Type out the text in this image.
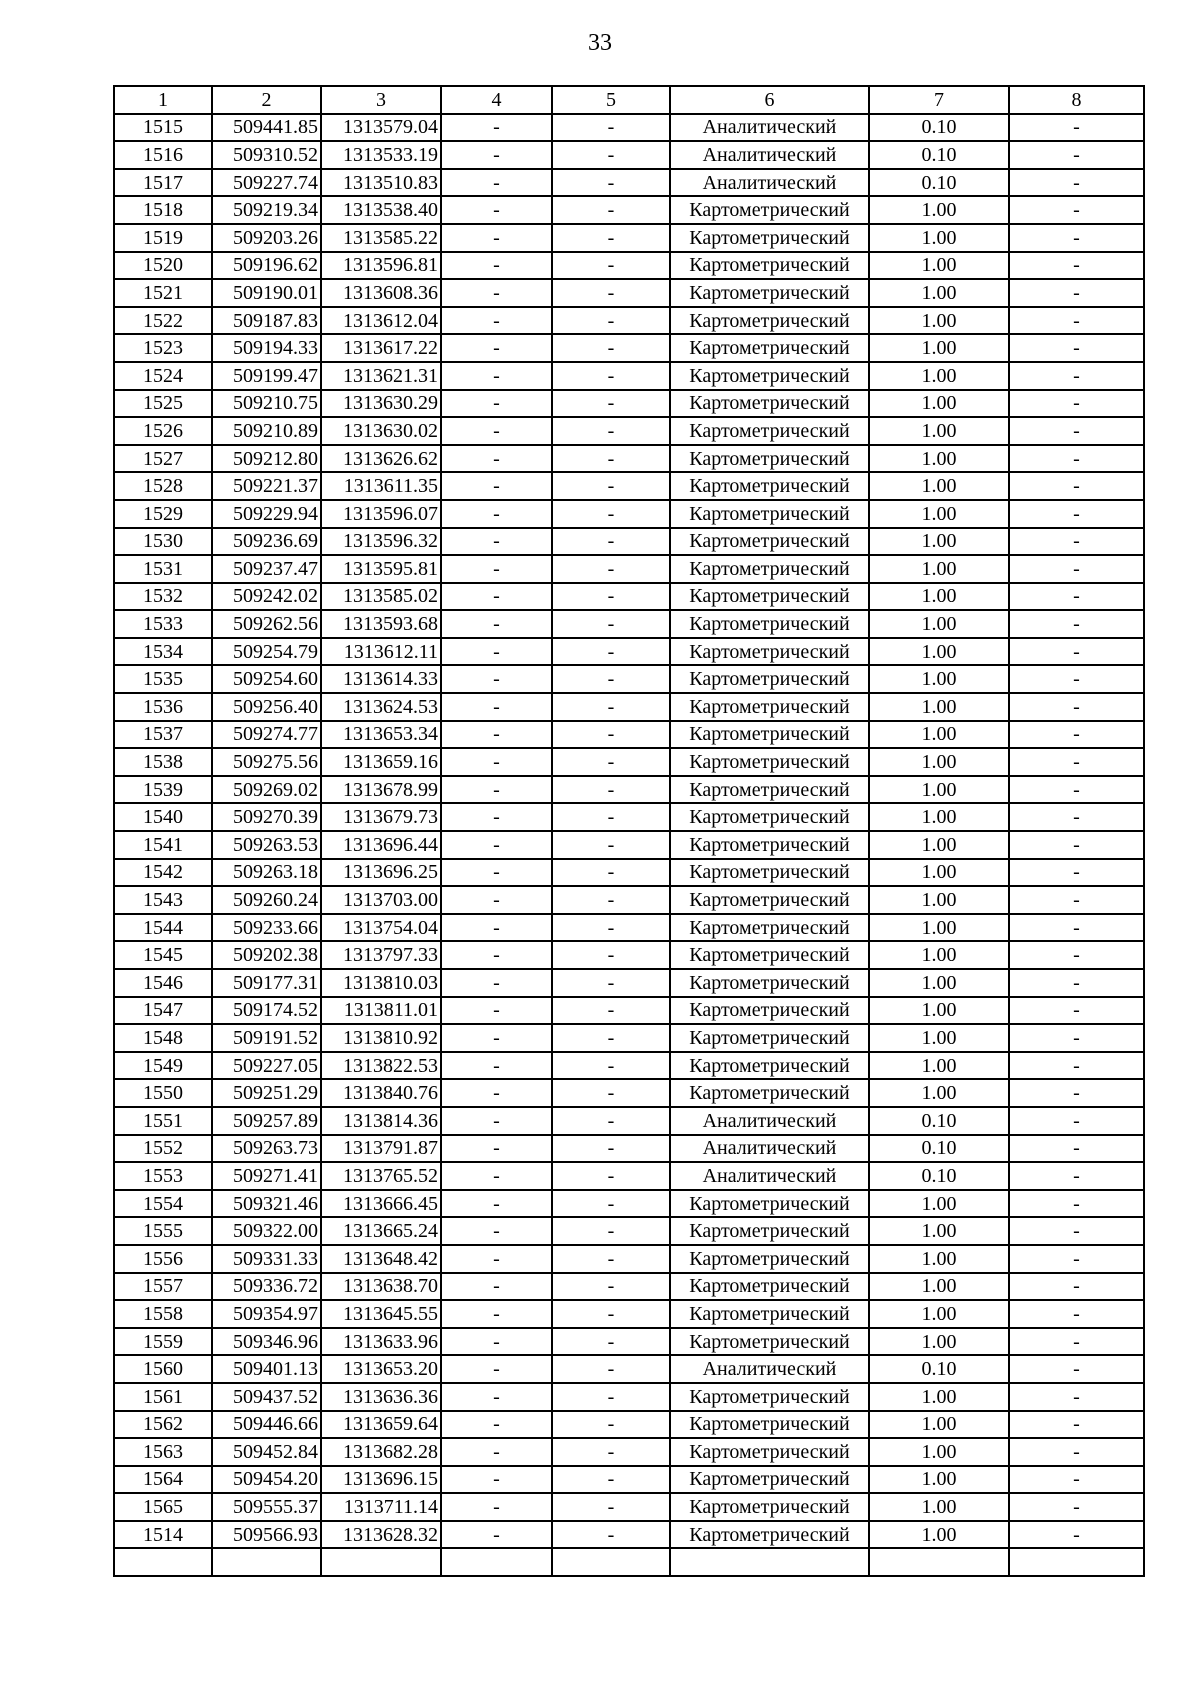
33
1	2	3	4	5	6	7	8
1515	509441.85	1313579.04	-	-	Аналитический	0.10	-
1516	509310.52	1313533.19	-	-	Аналитический	0.10	-
1517	509227.74	1313510.83	-	-	Аналитический	0.10	-
1518	509219.34	1313538.40	-	-	Картометрический	1.00	-
1519	509203.26	1313585.22	-	-	Картометрический	1.00	-
1520	509196.62	1313596.81	-	-	Картометрический	1.00	-
1521	509190.01	1313608.36	-	-	Картометрический	1.00	-
1522	509187.83	1313612.04	-	-	Картометрический	1.00	-
1523	509194.33	1313617.22	-	-	Картометрический	1.00	-
1524	509199.47	1313621.31	-	-	Картометрический	1.00	-
1525	509210.75	1313630.29	-	-	Картометрический	1.00	-
1526	509210.89	1313630.02	-	-	Картометрический	1.00	-
1527	509212.80	1313626.62	-	-	Картометрический	1.00	-
1528	509221.37	1313611.35	-	-	Картометрический	1.00	-
1529	509229.94	1313596.07	-	-	Картометрический	1.00	-
1530	509236.69	1313596.32	-	-	Картометрический	1.00	-
1531	509237.47	1313595.81	-	-	Картометрический	1.00	-
1532	509242.02	1313585.02	-	-	Картометрический	1.00	-
1533	509262.56	1313593.68	-	-	Картометрический	1.00	-
1534	509254.79	1313612.11	-	-	Картометрический	1.00	-
1535	509254.60	1313614.33	-	-	Картометрический	1.00	-
1536	509256.40	1313624.53	-	-	Картометрический	1.00	-
1537	509274.77	1313653.34	-	-	Картометрический	1.00	-
1538	509275.56	1313659.16	-	-	Картометрический	1.00	-
1539	509269.02	1313678.99	-	-	Картометрический	1.00	-
1540	509270.39	1313679.73	-	-	Картометрический	1.00	-
1541	509263.53	1313696.44	-	-	Картометрический	1.00	-
1542	509263.18	1313696.25	-	-	Картометрический	1.00	-
1543	509260.24	1313703.00	-	-	Картометрический	1.00	-
1544	509233.66	1313754.04	-	-	Картометрический	1.00	-
1545	509202.38	1313797.33	-	-	Картометрический	1.00	-
1546	509177.31	1313810.03	-	-	Картометрический	1.00	-
1547	509174.52	1313811.01	-	-	Картометрический	1.00	-
1548	509191.52	1313810.92	-	-	Картометрический	1.00	-
1549	509227.05	1313822.53	-	-	Картометрический	1.00	-
1550	509251.29	1313840.76	-	-	Картометрический	1.00	-
1551	509257.89	1313814.36	-	-	Аналитический	0.10	-
1552	509263.73	1313791.87	-	-	Аналитический	0.10	-
1553	509271.41	1313765.52	-	-	Аналитический	0.10	-
1554	509321.46	1313666.45	-	-	Картометрический	1.00	-
1555	509322.00	1313665.24	-	-	Картометрический	1.00	-
1556	509331.33	1313648.42	-	-	Картометрический	1.00	-
1557	509336.72	1313638.70	-	-	Картометрический	1.00	-
1558	509354.97	1313645.55	-	-	Картометрический	1.00	-
1559	509346.96	1313633.96	-	-	Картометрический	1.00	-
1560	509401.13	1313653.20	-	-	Аналитический	0.10	-
1561	509437.52	1313636.36	-	-	Картометрический	1.00	-
1562	509446.66	1313659.64	-	-	Картометрический	1.00	-
1563	509452.84	1313682.28	-	-	Картометрический	1.00	-
1564	509454.20	1313696.15	-	-	Картометрический	1.00	-
1565	509555.37	1313711.14	-	-	Картометрический	1.00	-
1514	509566.93	1313628.32	-	-	Картометрический	1.00	-
